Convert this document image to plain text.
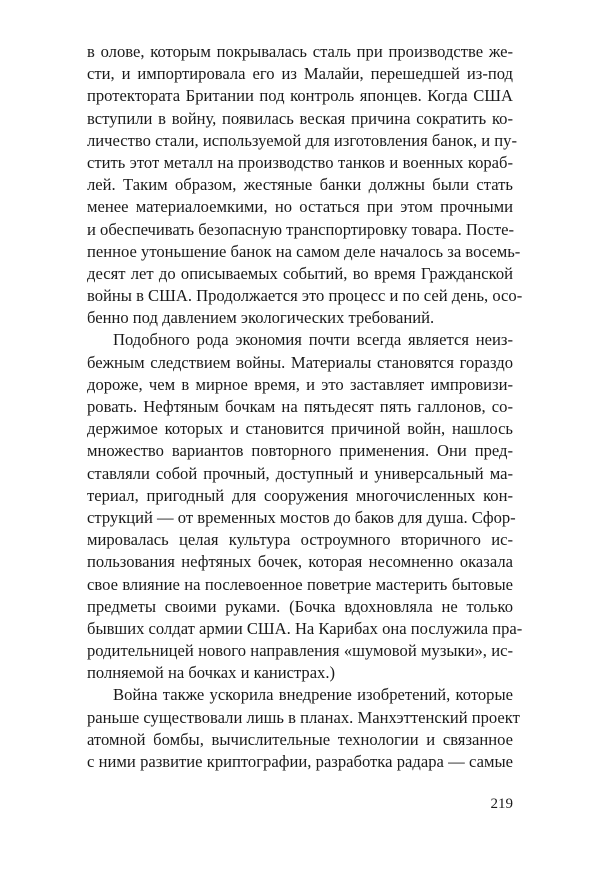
в олове, которым покрывалась сталь при производстве же-
сти, и импортировала его из Малайи, перешедшей из-под
протектората Британии под контроль японцев. Когда США
вступили в войну, появилась веская причина сократить ко-
личество стали, используемой для изготовления банок, и пу-
стить этот металл на производство танков и военных кораб-
лей. Таким образом, жестяные банки должны были стать
менее материалоемкими, но остаться при этом прочными
и обеспечивать безопасную транспортировку товара. Посте-
пенное утоньшение банок на самом деле началось за восемь-
десят лет до описываемых событий, во время Гражданской
войны в США. Продолжается это процесс и по сей день, осо-
бенно под давлением экологических требований.
Подобного рода экономия почти всегда является неиз-
бежным следствием войны. Материалы становятся гораздо
дороже, чем в мирное время, и это заставляет импровизи-
ровать. Нефтяным бочкам на пятьдесят пять галлонов, со-
держимое которых и становится причиной войн, нашлось
множество вариантов повторного применения. Они пред-
ставляли собой прочный, доступный и универсальный ма-
териал, пригодный для сооружения многочисленных кон-
струкций — от временных мостов до баков для душа. Сфор-
мировалась целая культура остроумного вторичного ис-
пользования нефтяных бочек, которая несомненно оказала
свое влияние на послевоенное поветрие мастерить бытовые
предметы своими руками. (Бочка вдохновляла не только
бывших солдат армии США. На Карибах она послужила пра-
родительницей нового направления «шумовой музыки», ис-
полняемой на бочках и канистрах.)
Война также ускорила внедрение изобретений, которые
раньше существовали лишь в планах. Манхэттенский проект
атомной бомбы, вычислительные технологии и связанное
с ними развитие криптографии, разработка радара — самые
219
